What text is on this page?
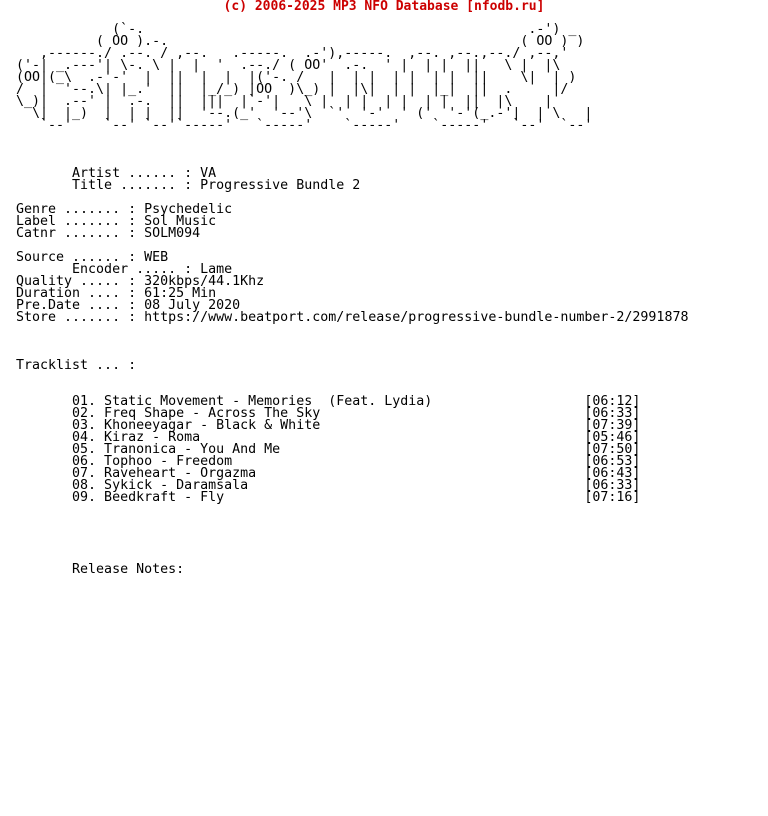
(c) 2006-2025 MP3 NFO Database [nfodb.ru]
(`-.                                                .-') _
( OO ).-.                                            ( OO ) )
,------./ .--. / ,--.   .-----.  .-'),-----.  ,--. ,--.,--./ ,--,'
('-| _.---'| \-. \ |  |  '  .--./ ( OO'  .-.  ' |  | |  ||   \ |  |\
(OO|(_\  .-'-'  |  ||  |  |  |('-. /   |  | |  | |  | |  ||    \|  | )
/  |  '--.\| |_.'  ||  |_/_) |OO  )\_) |  |\|  | |  |_|  ||  .     |/
\_)|  .--' |  .-.  ||  |||  |`-'|   \ |  | |  | |  | |  ||  |\    |
\|  |_)  |  | |  ||  '--.(_'  '--'\  `'  '-'  ' ('  '-'(_.-'|  | \   |
`--'    `--' `--'`-----'   `-----'    `-----'    `-----'   `--'  `--'
Artist ...... : VA
Title ....... : Progressive Bundle 2
Genre ....... : Psychedelic
Label ....... : Sol Music
Catnr ....... : SOLM094
Source ...... : WEB
Encoder ..... : Lame
Quality ..... : 320kbps/44.1Khz
Duration .... : 61:25 Min
Pre.Date .... : 08 July 2020
Store ....... : https://www.beatport.com/release/progressive-bundle-number-2/2991878
Tracklist ... :
01. Static Movement - Memories  (Feat. Lydia)                   [06:12]
02. Freq Shape - Across The Sky                                 [06:33]
03. Khoneeyagar - Black & White                                 [07:39]
04. Kiraz - Roma                                                [05:46]
05. Tranonica - You And Me                                      [07:50]
06. Tophoo - Freedom                                            [06:53]
07. Raveheart - Orgazma                                         [06:43]
08. Sykick - Daramsala                                          [06:33]
09. Beedkraft - Fly                                             [07:16]
Release Notes:
